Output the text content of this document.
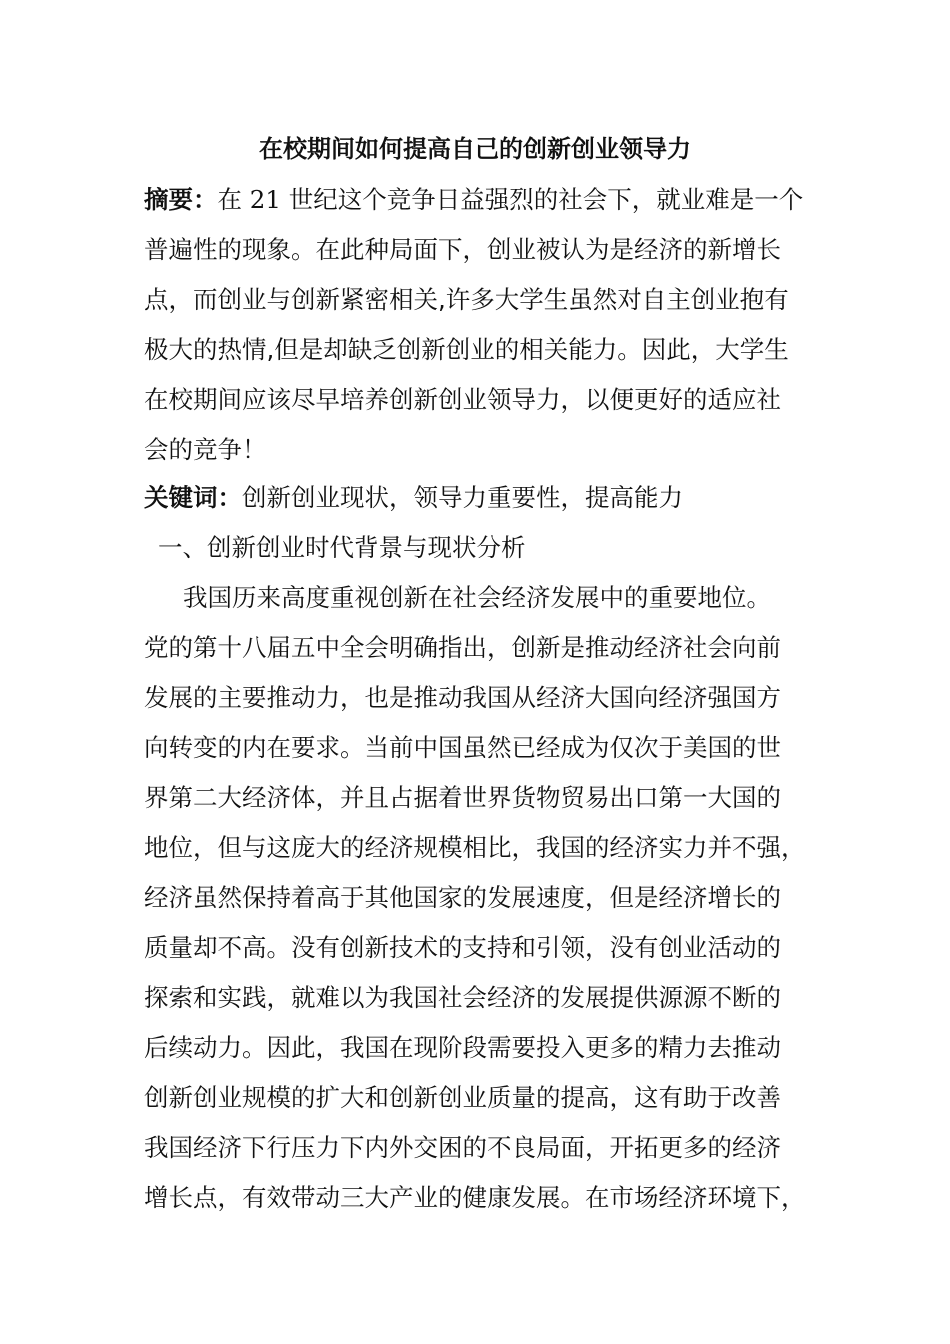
在校期间如何提高自己的创新创业领导力
摘要：在 21 世纪这个竞争日益强烈的社会下，就业难是一个
普遍性的现象。在此种局面下，创业被认为是经济的新增长
点，而创业与创新紧密相关,许多大学生虽然对自主创业抱有
极大的热情,但是却缺乏创新创业的相关能力。因此，大学生
在校期间应该尽早培养创新创业领导力，以便更好的适应社
会的竞争！
关键词：创新创业现状，领导力重要性，提高能力
一、创新创业时代背景与现状分析
我国历来高度重视创新在社会经济发展中的重要地位。
党的第十八届五中全会明确指出，创新是推动经济社会向前
发展的主要推动力，也是推动我国从经济大国向经济强国方
向转变的内在要求。当前中国虽然已经成为仅次于美国的世
界第二大经济体，并且占据着世界货物贸易出口第一大国的
地位，但与这庞大的经济规模相比，我国的经济实力并不强，
经济虽然保持着高于其他国家的发展速度，但是经济增长的
质量却不高。没有创新技术的支持和引领，没有创业活动的
探索和实践，就难以为我国社会经济的发展提供源源不断的
后续动力。因此，我国在现阶段需要投入更多的精力去推动
创新创业规模的扩大和创新创业质量的提高，这有助于改善
我国经济下行压力下内外交困的不良局面，开拓更多的经济
增长点，有效带动三大产业的健康发展。在市场经济环境下，
